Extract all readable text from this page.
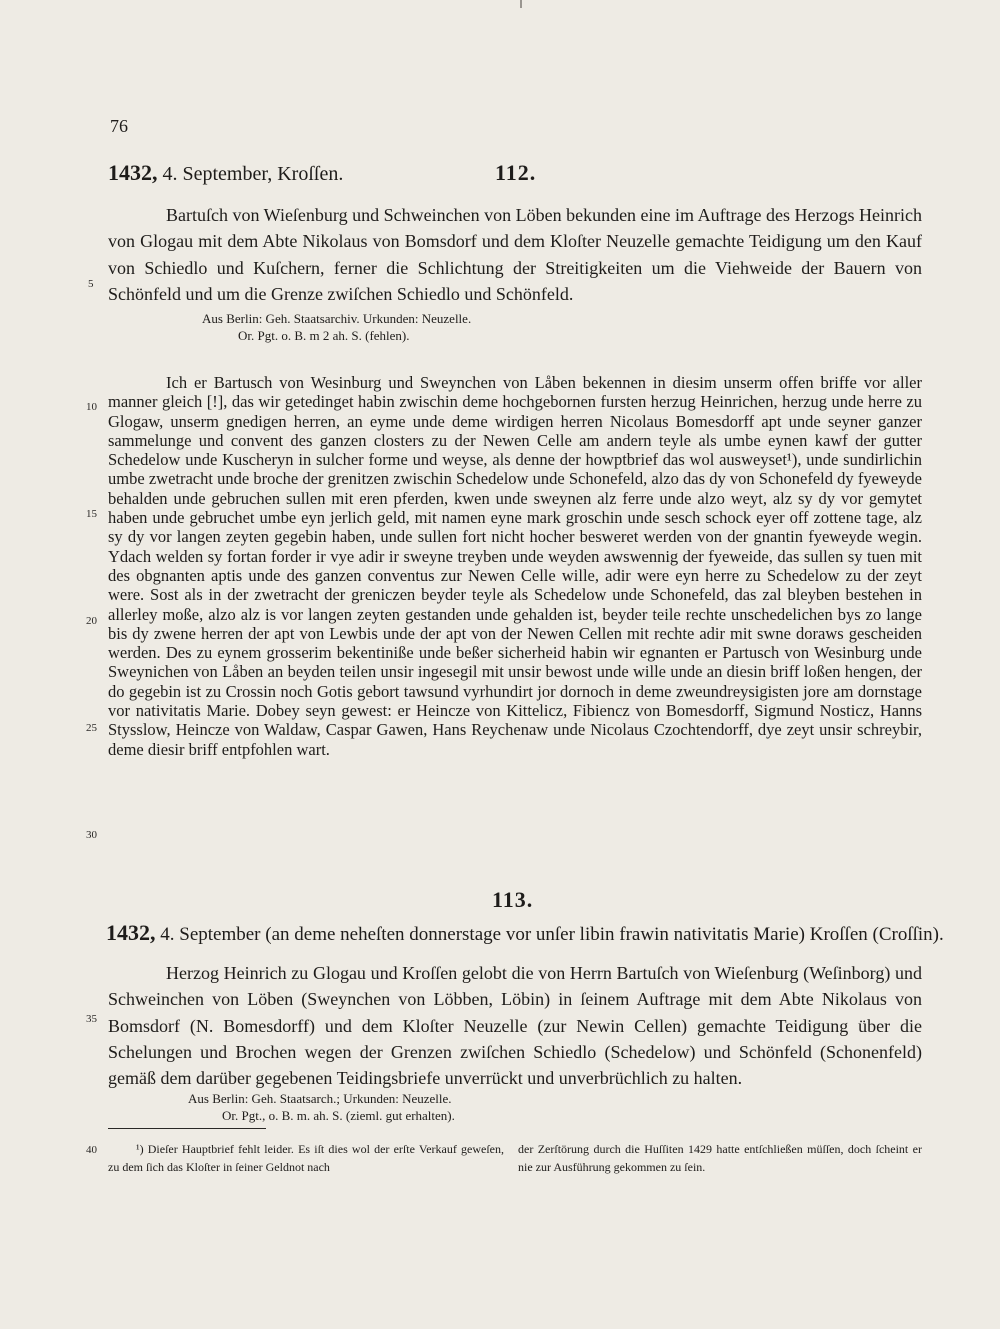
76
1432, 4. September, Kroſſen.	112.

Bartuſch von Wieſenburg und Schweinchen von Löben bekunden eine im Auftrage des Herzogs Heinrich von Glogau mit dem Abte Nikolaus von Bomsdorf und dem Kloſter Neuzelle gemachte Teidigung um den Kauf von Schiedlo und Kuſchern, ferner die Schlichtung der Streitigkeiten um die Viehweide der Bauern von Schönfeld und um die Grenze zwiſchen Schiedlo und Schönfeld.

Aus Berlin: Geh. Staatsarchiv. Urkunden: Neuzelle.
Or. Pgt. o. B. m 2 ah. S. (fehlen).

Ich er Bartusch von Wesinburg und Sweynchen von Låben bekennen in diesim unserm offen briffe vor aller manner gleich [!], das wir getedinget habin zwischin deme hochgebornen fursten herzug Heinrichen, herzug unde herre zu Glogaw, unserm gnedigen herren, an eyme unde deme wirdigen herren Nicolaus Bomesdorff apt unde seyner ganzer sammelunge und convent des ganzen closters zu der Newen Celle am andern teyle als umbe eynen kawf der gutter Schedelow unde Kuscheryn in sulcher forme und weyse, als denne der howptbrief das wol ausweyset¹), unde sundirlichin umbe zwetracht unde broche der grenitzen zwischin Schedelow unde Schonefeld, alzo das dy von Schonefeld dy fyeweyde behalden unde gebruchen sullen mit eren pferden, kwen unde sweynen alz ferre unde alzo weyt, alz sy dy vor gemytet haben unde gebruchet umbe eyn jerlich geld, mit namen eyne mark groschin unde sesch schock eyer off zottene tage, alz sy dy vor langen zeyten gegebin haben, unde sullen fort nicht hocher besweret werden von der gnantin fyeweyde wegin. Ydach welden sy fortan forder ir vye adir ir sweyne treyben unde weyden awswennig der fyeweide, das sullen sy tuen mit des obgnanten aptis unde des ganzen conventus zur Newen Celle wille, adir were eyn herre zu Schedelow zu der zeyt were. Sost als in der zwetracht der greniczen beyder teyle als Schedelow unde Schonefeld, das zal bleyben bestehen in allerley moße, alzo alz is vor langen zeyten gestanden unde gehalden ist, beyder teile rechte unschedelichen bys zo lange bis dy zwene herren der apt von Lewbis unde der apt von der Newen Cellen mit rechte adir mit swne doraws gescheiden werden. Des zu eynem grosserim bekentiniße unde beßer sicherheid habin wir egnanten er Partusch von Wesinburg unde Sweynichen von Låben an beyden teilen unsir ingesegil mit unsir bewost unde wille unde an diesin briff loßen hengen, der do gegebin ist zu Crossin noch Gotis gebort tawsund vyrhundirt jor dornoch in deme zweundreysigisten jore am dornstage vor nativitatis Marie. Dobey seyn gewest: er Heincze von Kittelicz, Fibiencz von Bomesdorff, Sigmund Nosticz, Hanns Stysslow, Heincze von Waldaw, Caspar Gawen, Hans Reychenaw unde Nicolaus Czochtendorff, dye zeyt unsir schreybir, deme diesir briff entpfohlen wart.

113.
1432, 4. September (an deme neheſten donnerstage vor unſer libin frawin nativitatis Marie) Kroſſen (Croſſin).

Herzog Heinrich zu Glogau und Kroſſen gelobt die von Herrn Bartuſch von Wieſenburg (Weſinborg) und Schweinchen von Löben (Sweynchen von Löbben, Löbin) in ſeinem Auftrage mit dem Abte Nikolaus von Bomsdorf (N. Bomesdorff) und dem Kloſter Neuzelle (zur Newin Cellen) gemachte Teidigung über die Schelungen und Brochen wegen der Grenzen zwiſchen Schiedlo (Schedelow) und Schönfeld (Schonenfeld) gemäß dem darüber gegebenen Teidingsbriefe unverrückt und unverbrüchlich zu halten.

Aus Berlin: Geh. Staatsarch.; Urkunden: Neuzelle.
Or. Pgt., o. B. m. ah. S. (zieml. gut erhalten).
¹) Dieſer Hauptbrief fehlt leider. Es iſt dies wol der erſte Verkauf geweſen, zu dem ſich das Kloſter in ſeiner Geldnot nach
der Zerſtörung durch die Huſſiten 1429 hatte entſchließen müſſen, doch ſcheint er nie zur Ausführung gekommen zu ſein.
5
10
15
20
25
30
35
40
